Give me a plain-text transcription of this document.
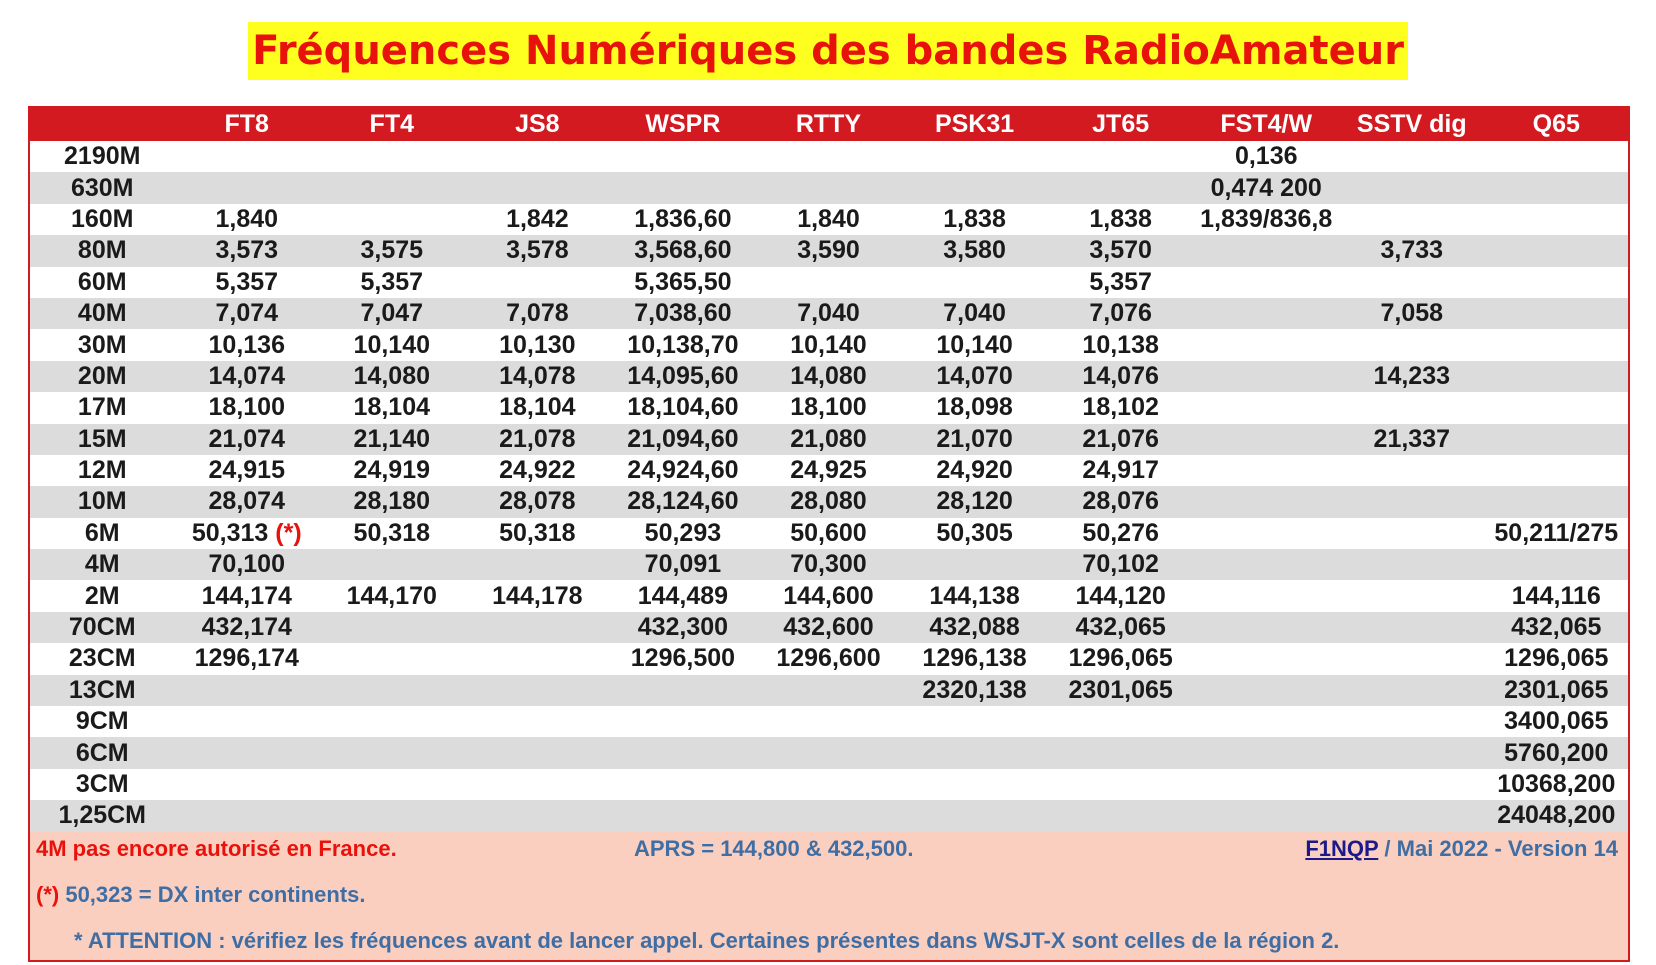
Fréquences Numériques des bandes RadioAmateur
	FT8	FT4	JS8	WSPR	RTTY	PSK31	JT65	FST4/W	SSTV dig	Q65
2190M								0,136		
630M								0,474 200		
160M	1,840		1,842	1,836,60	1,840	1,838	1,838	1,839/836,8		
80M	3,573	3,575	3,578	3,568,60	3,590	3,580	3,570		3,733	
60M	5,357	5,357		5,365,50			5,357			
40M	7,074	7,047	7,078	7,038,60	7,040	7,040	7,076		7,058	
30M	10,136	10,140	10,130	10,138,70	10,140	10,140	10,138			
20M	14,074	14,080	14,078	14,095,60	14,080	14,070	14,076		14,233	
17M	18,100	18,104	18,104	18,104,60	18,100	18,098	18,102			
15M	21,074	21,140	21,078	21,094,60	21,080	21,070	21,076		21,337	
12M	24,915	24,919	24,922	24,924,60	24,925	24,920	24,917			
10M	28,074	28,180	28,078	28,124,60	28,080	28,120	28,076			
6M	50,313 (*)	50,318	50,318	50,293	50,600	50,305	50,276			50,211/275
4M	70,100			70,091	70,300		70,102			
2M	144,174	144,170	144,178	144,489	144,600	144,138	144,120			144,116
70CM	432,174			432,300	432,600	432,088	432,065			432,065
23CM	1296,174			1296,500	1296,600	1296,138	1296,065			1296,065
13CM						2320,138	2301,065			2301,065
9CM										3400,065
6CM										5760,200
3CM										10368,200
1,25CM										24048,200
4M pas encore autorisé en France.	APRS = 144,800 & 432,500.	F1NQP / Mai 2022 - Version 14
(*) 50,323 = DX inter continents.
* ATTENTION : vérifiez les fréquences avant de lancer appel. Certaines présentes dans WSJT-X sont celles de la région 2.
